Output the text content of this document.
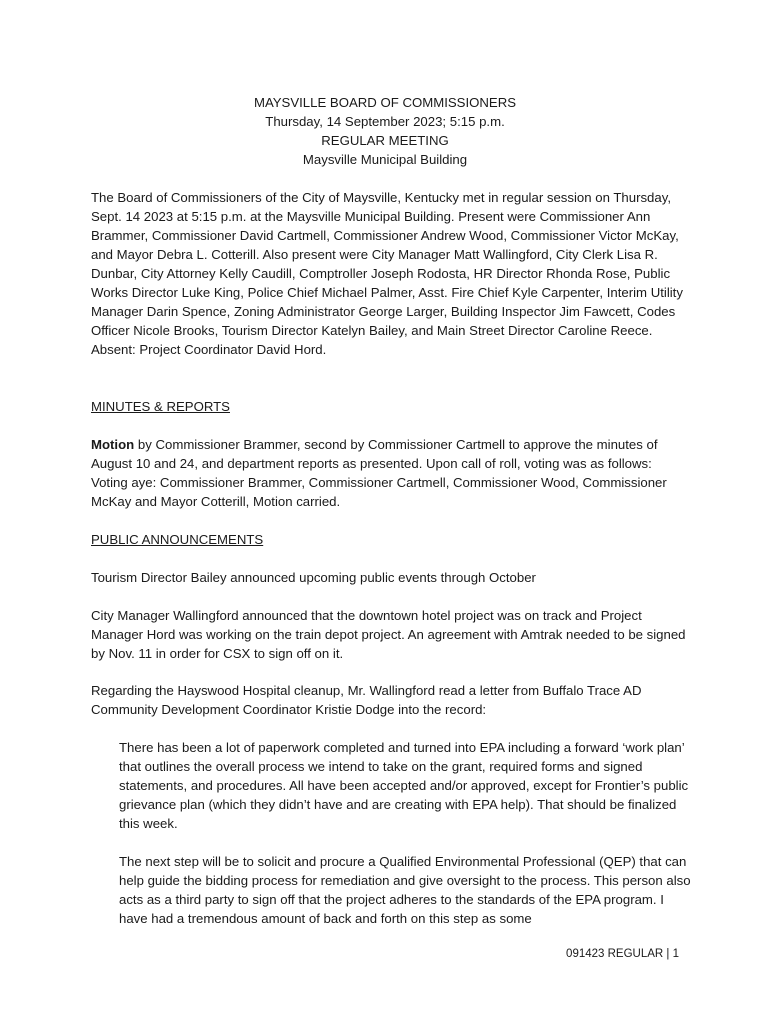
MAYSVILLE BOARD OF COMMISSIONERS
Thursday, 14 September 2023; 5:15 p.m.
REGULAR MEETING
Maysville Municipal Building

The Board of Commissioners of the City of Maysville, Kentucky met in regular session on Thursday, Sept. 14 2023 at 5:15 p.m. at the Maysville Municipal Building. Present were Commissioner Ann Brammer, Commissioner David Cartmell, Commissioner Andrew Wood, Commissioner Victor McKay, and Mayor Debra L. Cotterill. Also present were City Manager Matt Wallingford, City Clerk Lisa R. Dunbar, City Attorney Kelly Caudill, Comptroller Joseph Rodosta, HR Director Rhonda Rose, Public Works Director Luke King, Police Chief Michael Palmer, Asst. Fire Chief Kyle Carpenter, Interim Utility Manager Darin Spence, Zoning Administrator George Larger, Building Inspector Jim Fawcett, Codes Officer Nicole Brooks, Tourism Director Katelyn Bailey, and Main Street Director Caroline Reece. Absent: Project Coordinator David Hord.

MINUTES & REPORTS

Motion by Commissioner Brammer, second by Commissioner Cartmell to approve the minutes of August 10 and 24, and department reports as presented. Upon call of roll, voting was as follows: Voting aye: Commissioner Brammer, Commissioner Cartmell, Commissioner Wood, Commissioner McKay and Mayor Cotterill, Motion carried.

PUBLIC ANNOUNCEMENTS

Tourism Director Bailey announced upcoming public events through October

City Manager Wallingford announced that the downtown hotel project was on track and Project Manager Hord was working on the train depot project. An agreement with Amtrak needed to be signed by Nov. 11 in order for CSX to sign off on it.

Regarding the Hayswood Hospital cleanup, Mr. Wallingford read a letter from Buffalo Trace AD Community Development Coordinator Kristie Dodge into the record:

There has been a lot of paperwork completed and turned into EPA including a forward ‘work plan’ that outlines the overall process we intend to take on the grant, required forms and signed statements, and procedures. All have been accepted and/or approved, except for Frontier’s public grievance plan (which they didn’t have and are creating with EPA help). That should be finalized this week.

The next step will be to solicit and procure a Qualified Environmental Professional (QEP) that can help guide the bidding process for remediation and give oversight to the process. This person also acts as a third party to sign off that the project adheres to the standards of the EPA program. I have had a tremendous amount of back and forth on this step as some

091423 REGULAR | 1
